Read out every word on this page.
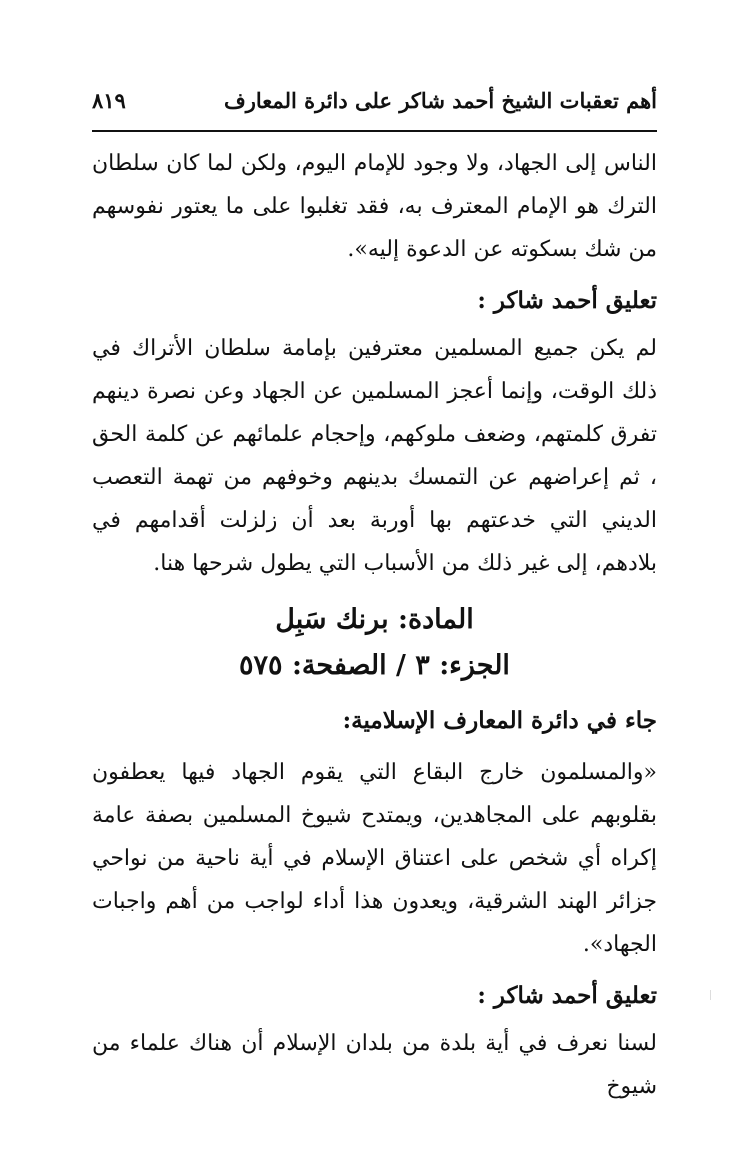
أهم تعقبات الشيخ أحمد شاكر على دائرة المعارف
٨١٩

الناس إلى الجهاد، ولا وجود للإمام اليوم، ولكن لما كان سلطان الترك هو الإمام المعترف به، فقد تغلبوا على ما يعتور نفوسهم من شك بسكوته عن الدعوة إليه».

تعليق أحمد شاكر :

لم يكن جميع المسلمين معترفين بإمامة سلطان الأتراك في ذلك الوقت، وإنما أعجز المسلمين عن الجهاد وعن نصرة دينهم تفرق كلمتهم، وضعف ملوكهم، وإحجام علمائهم عن كلمة الحق ، ثم إعراضهم عن التمسك بدينهم وخوفهم من تهمة التعصب الديني التي خدعتهم بها أوربة بعد أن زلزلت أقدامهم في بلادهم، إلى غير ذلك من الأسباب التي يطول شرحها هنا.

المادة: برنك سَبِل
الجزء: ٣ / الصفحة: ٥٧٥
جاء في دائرة المعارف الإسلامية:

«والمسلمون خارج البقاع التي يقوم الجهاد فيها يعطفون بقلوبهم على المجاهدين، ويمتدح شيوخ المسلمين بصفة عامة إكراه أي شخص على اعتناق الإسلام في أية ناحية من نواحي جزائر الهند الشرقية، ويعدون هذا أداء لواجب من أهم واجبات الجهاد».

تعليق أحمد شاكر :

لسنا نعرف في أية بلدة من بلدان الإسلام أن هناك علماء من شيوخ
